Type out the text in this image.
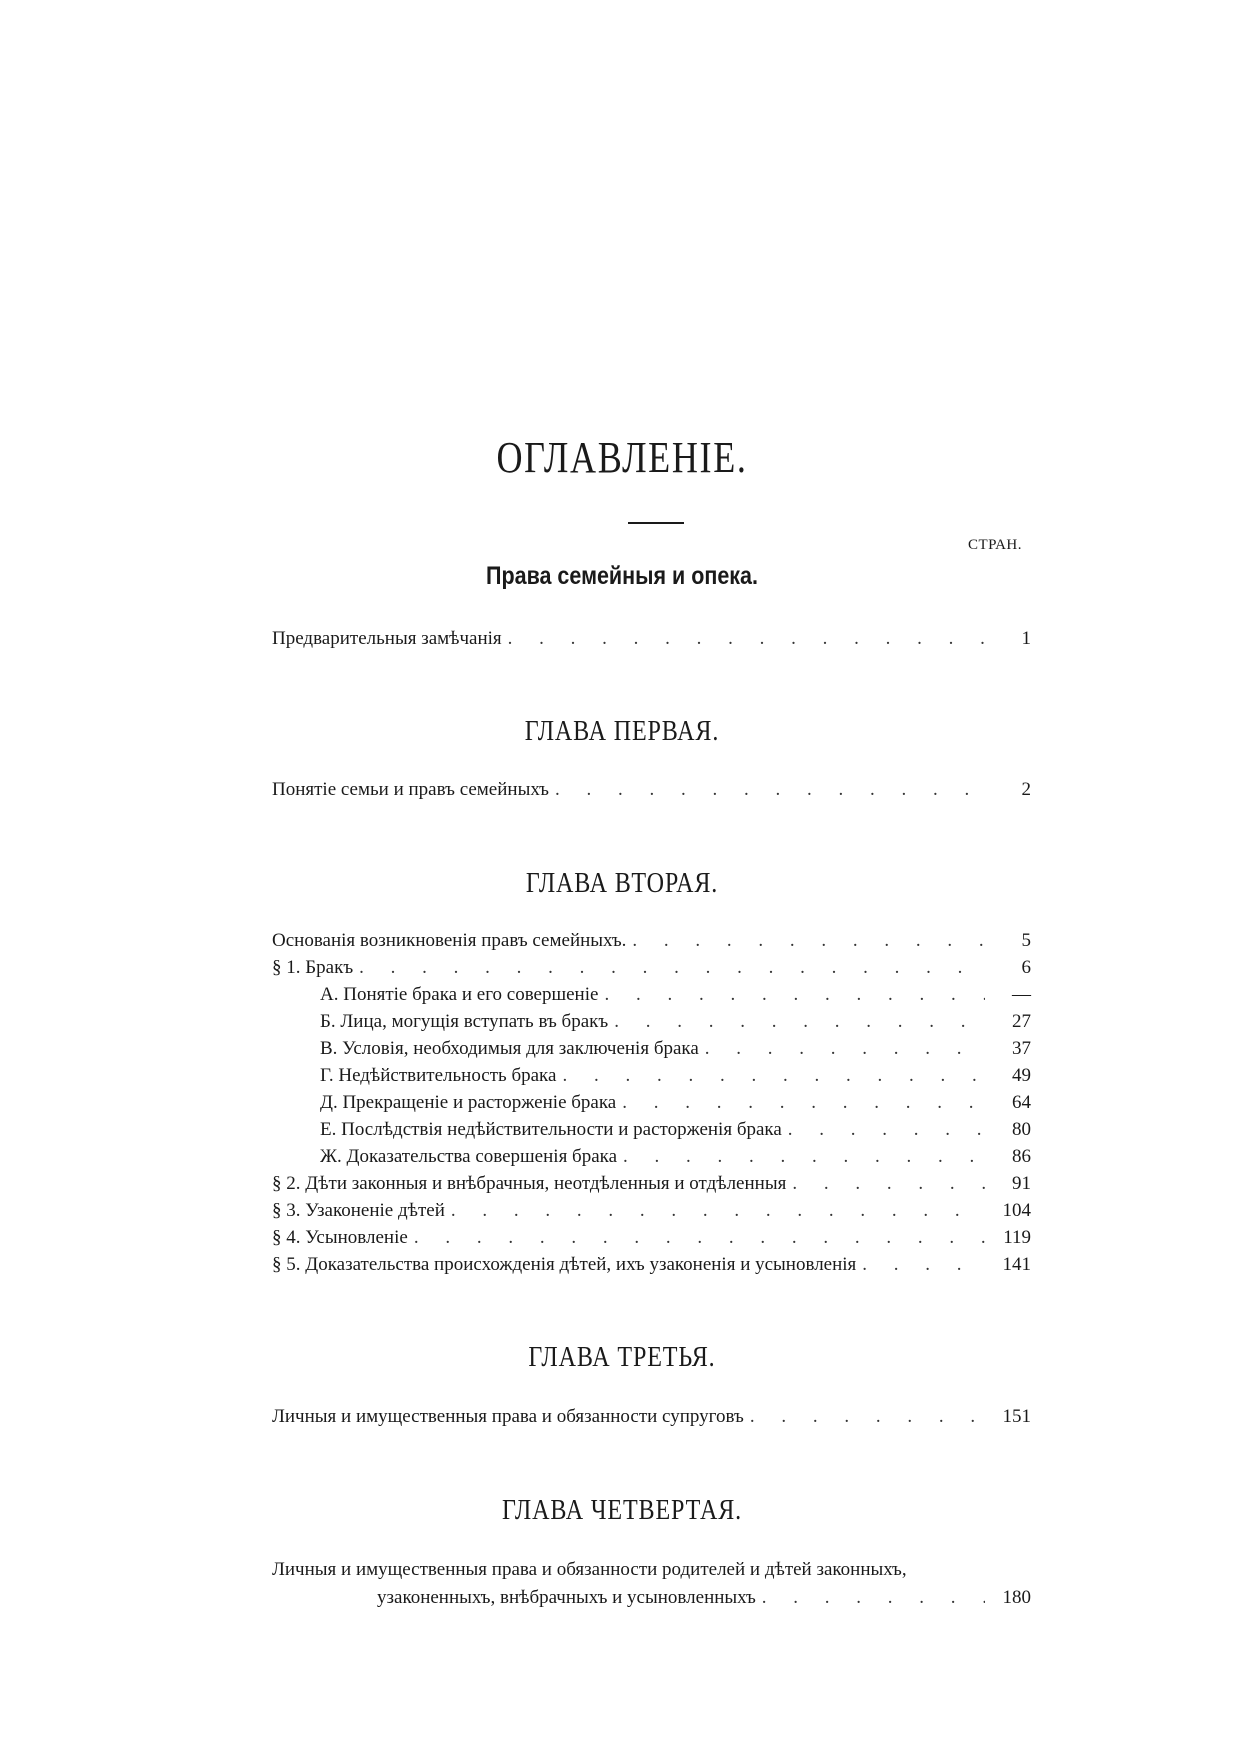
ОГЛАВЛЕНІЕ.
СТРАН.
Права семейныя и опека.
Предварительныя замѣчанія . . .	1
ГЛАВА ПЕРВАЯ.
Понятіе семьи и правъ семейныхъ . . .	2
ГЛАВА ВТОРАЯ.
Основанія возникновенія правъ семейныхъ. . . .	5
§ 1. Бракъ . . .	6
А. Понятіе брака и его совершеніе . . .	—
Б. Лица, могущія вступать въ бракъ . . .	27
В. Условія, необходимыя для заключенія брака . . .	37
Г. Недѣйствительность брака . . .	49
Д. Прекращеніе и расторженіе брака . . .	64
Е. Послѣдствія недѣйствительности и расторженія брака . . .	80
Ж. Доказательства совершенія брака . . .	86
§ 2. Дѣти законныя и внѣбрачныя, неотдѣленныя и отдѣленныя . . .	91
§ 3. Узаконеніе дѣтей . . .	104
§ 4. Усыновленіе . . .	119
§ 5. Доказательства происхожденія дѣтей, ихъ узаконенія и усыновленія . . .	141
ГЛАВА ТРЕТЬЯ.
Личныя и имущественныя права и обязанности супруговъ . . .	151
ГЛАВА ЧЕТВЕРТАЯ.
Личныя и имущественныя права и обязанности родителей и дѣтей законныхъ,
узаконенныхъ, внѣбрачныхъ и усыновленныхъ . . .	180
